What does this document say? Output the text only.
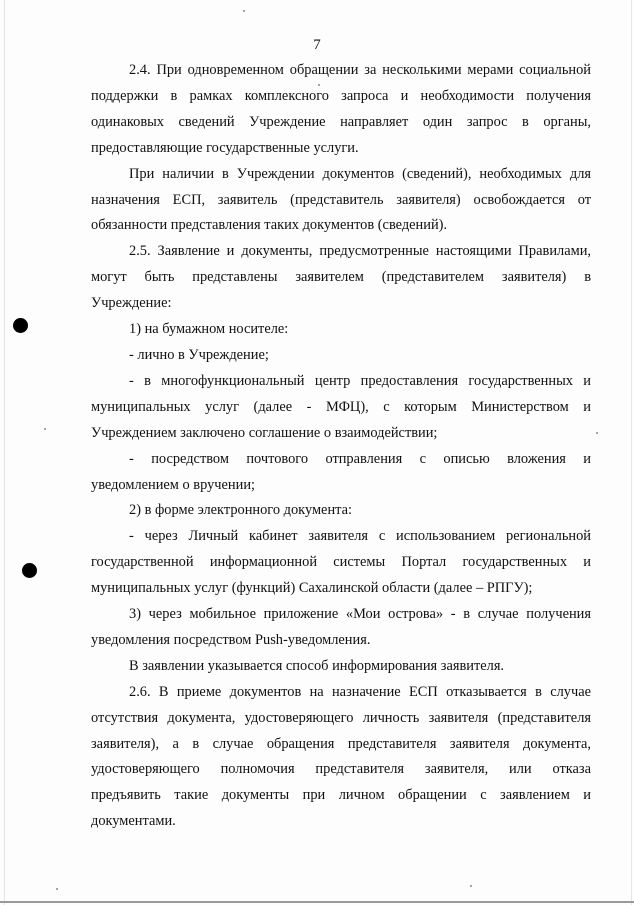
7

2.4. При одновременном обращении за несколькими мерами социальной
поддержки в рамках комплексного запроса и необходимости получения
одинаковых сведений Учреждение направляет один запрос в органы,
предоставляющие государственные услуги.

При наличии в Учреждении документов (сведений), необходимых для
назначения ЕСП, заявитель (представитель заявителя) освобождается от
обязанности представления таких документов (сведений).

2.5. Заявление и документы, предусмотренные настоящими Правилами,
могут быть представлены заявителем (представителем заявителя) в
Учреждение:

1) на бумажном носителе:

- лично в Учреждение;

- в многофункциональный центр предоставления государственных и
муниципальных услуг (далее - МФЦ), с которым Министерством и
Учреждением заключено соглашение о взаимодействии;

- посредством почтового отправления с описью вложения и
уведомлением о вручении;

2) в форме электронного документа:

- через Личный кабинет заявителя с использованием региональной
государственной информационной системы Портал государственных и
муниципальных услуг (функций) Сахалинской области (далее – РПГУ);

3) через мобильное приложение «Мои острова» - в случае получения
уведомления посредством Push-уведомления.

В заявлении указывается способ информирования заявителя.

2.6. В приеме документов на назначение ЕСП отказывается в случае
отсутствия документа, удостоверяющего личность заявителя (представителя
заявителя), а в случае обращения представителя заявителя документа,
удостоверяющего полномочия представителя заявителя, или отказа
предъявить такие документы при личном обращении с заявлением и
документами.
